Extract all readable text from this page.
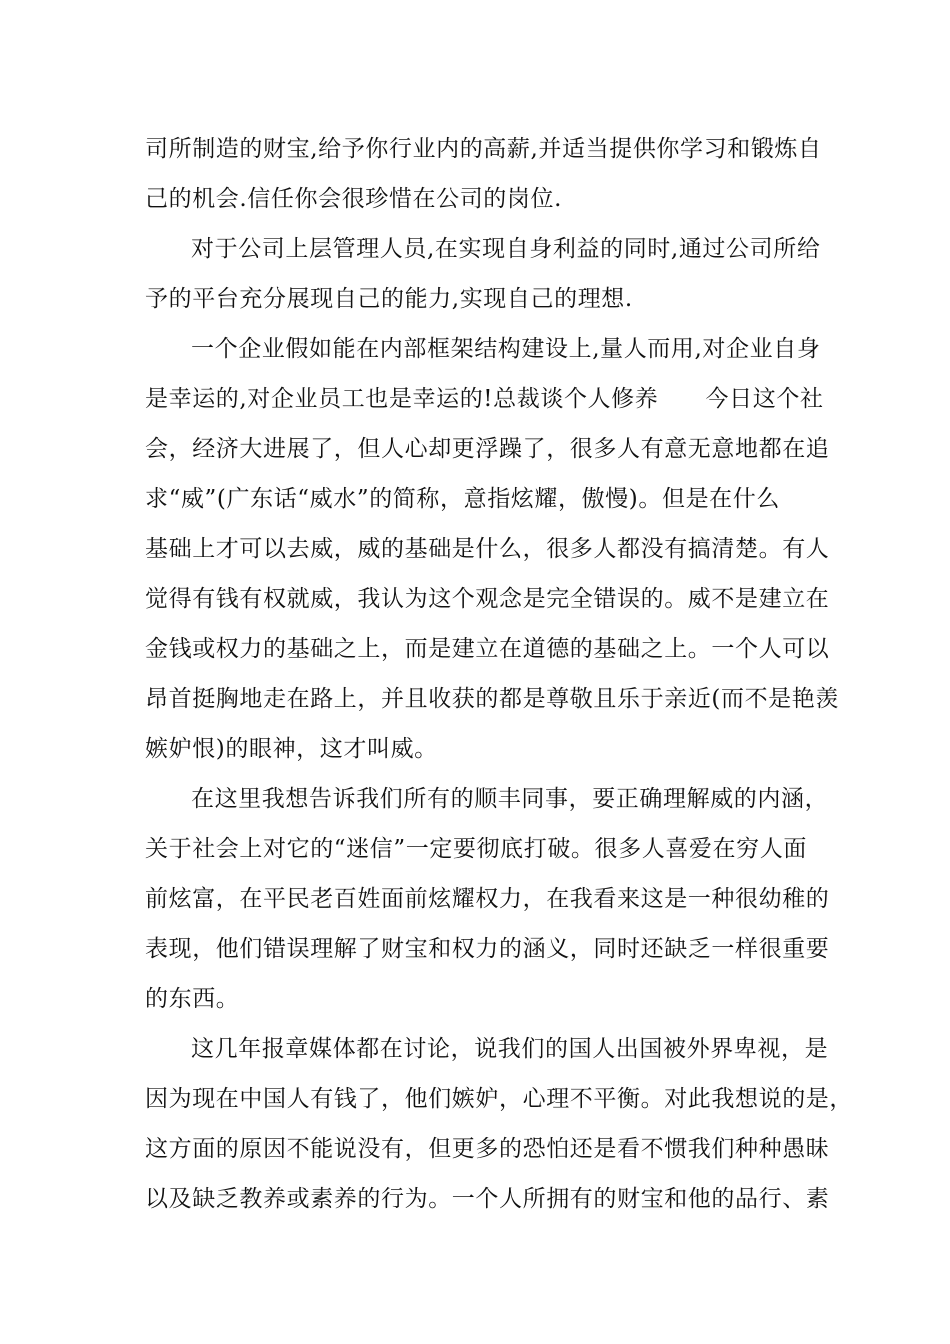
司所制造的财宝,给予你行业内的高薪,并适当提供你学习和锻炼自
己的机会.信任你会很珍惜在公司的岗位.
对于公司上层管理人员,在实现自身利益的同时,通过公司所给
予的平台充分展现自己的能力,实现自己的理想.
一个企业假如能在内部框架结构建设上,量人而用,对企业自身
是幸运的,对企业员工也是幸运的!总裁谈个人修养　　今日这个社
会，经济大进展了，但人心却更浮躁了，很多人有意无意地都在追
求“威”(广东话“威水”的简称，意指炫耀，傲慢)。但是在什么
基础上才可以去威，威的基础是什么，很多人都没有搞清楚。有人
觉得有钱有权就威，我认为这个观念是完全错误的。威不是建立在
金钱或权力的基础之上，而是建立在道德的基础之上。一个人可以
昂首挺胸地走在路上，并且收获的都是尊敬且乐于亲近(而不是艳羡
嫉妒恨)的眼神，这才叫威。
在这里我想告诉我们所有的顺丰同事，要正确理解威的内涵，
关于社会上对它的“迷信”一定要彻底打破。很多人喜爱在穷人面
前炫富，在平民老百姓面前炫耀权力，在我看来这是一种很幼稚的
表现，他们错误理解了财宝和权力的涵义，同时还缺乏一样很重要
的东西。
这几年报章媒体都在讨论，说我们的国人出国被外界卑视，是
因为现在中国人有钱了，他们嫉妒，心理不平衡。对此我想说的是，
这方面的原因不能说没有，但更多的恐怕还是看不惯我们种种愚昧
以及缺乏教养或素养的行为。一个人所拥有的财宝和他的品行、素
